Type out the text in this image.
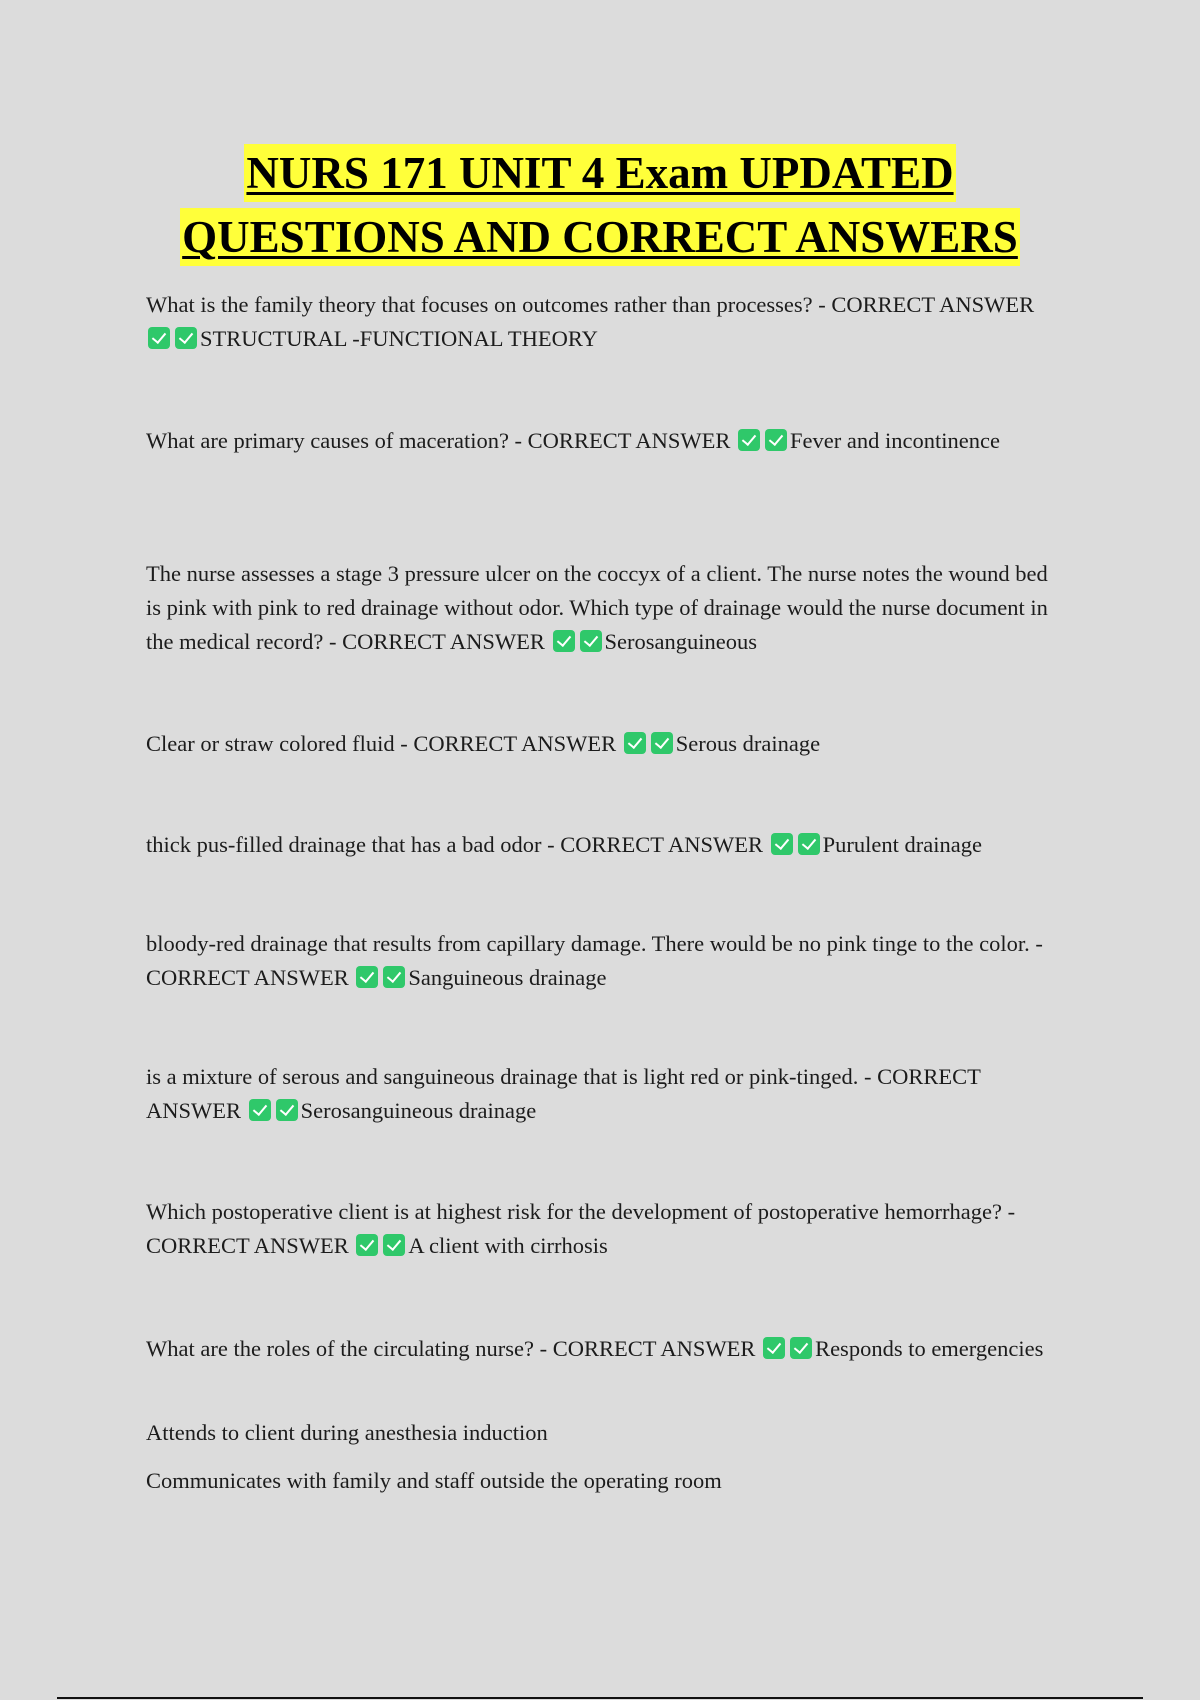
NURS 171 UNIT 4 Exam UPDATED
QUESTIONS AND CORRECT ANSWERS
What is the family theory that focuses on outcomes rather than processes? - CORRECT ANSWER STRUCTURAL -FUNCTIONAL THEORY
What are primary causes of maceration? - CORRECT ANSWER	Fever and incontinence
The nurse assesses a stage 3 pressure ulcer on the coccyx of a client. The nurse notes the wound bed is pink with pink to red drainage without odor. Which type of drainage would the nurse document in the medical record? - CORRECT ANSWER	Serosanguineous
Clear or straw colored fluid - CORRECT ANSWER	Serous drainage
thick pus-filled drainage that has a bad odor - CORRECT ANSWER	Purulent drainage
bloody-red drainage that results from capillary damage. There would be no pink tinge to the color. - CORRECT ANSWER	Sanguineous drainage
is a mixture of serous and sanguineous drainage that is light red or pink-tinged. - CORRECT ANSWER	Serosanguineous drainage
Which postoperative client is at highest risk for the development of postoperative hemorrhage? - CORRECT ANSWER	A client with cirrhosis
What are the roles of the circulating nurse? - CORRECT ANSWER	Responds to emergencies
Attends to client during anesthesia induction
Communicates with family and staff outside the operating room
